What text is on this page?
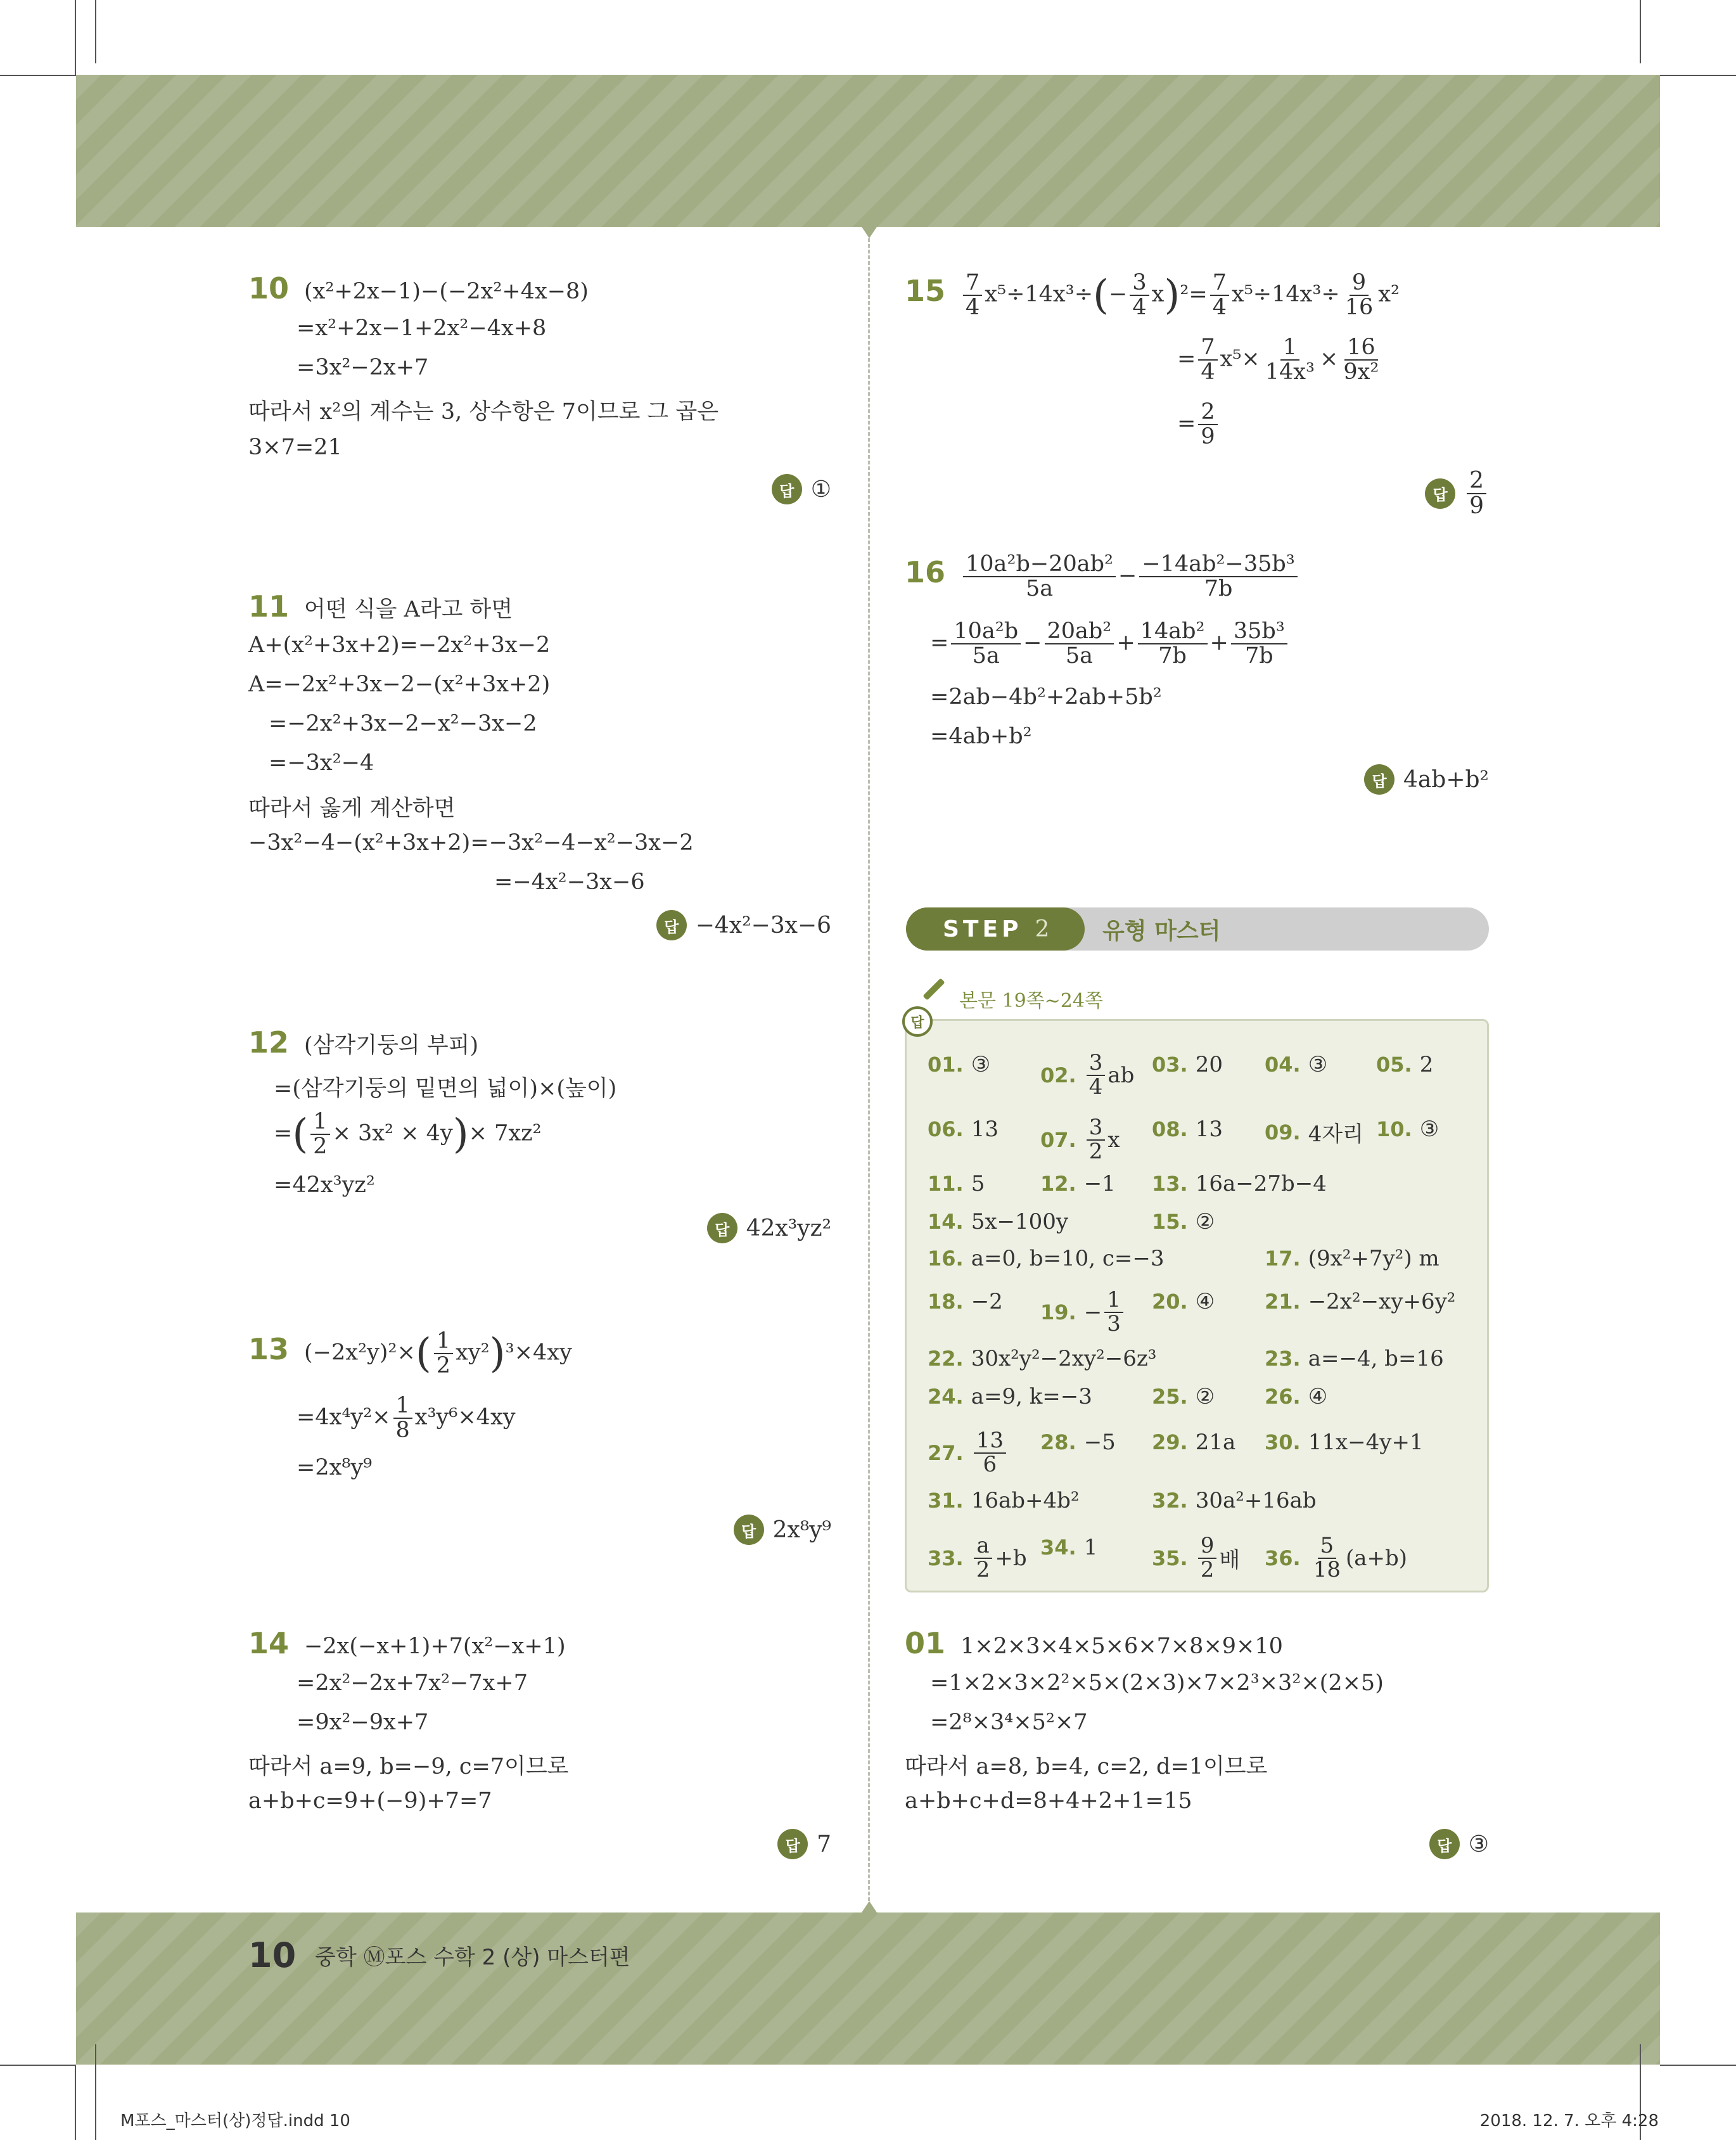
10 (x²+2x−1)−(−2x²+4x−8)
=x²+2x−1+2x²−4x+8
=3x²−2x+7
따라서 x²의 계수는 3, 상수항은 7이므로 그 곱은
3×7=21
답 ①
11 어떤 식을 A라고 하면
A+(x²+3x+2)=−2x²+3x−2
A=−2x²+3x−2−(x²+3x+2)
=−2x²+3x−2−x²−3x−2
=−3x²−4
따라서 옳게 계산하면
−3x²−4−(x²+3x+2)=−3x²−4−x²−3x−2
=−4x²−3x−6
답 −4x²−3x−6
12 (삼각기둥의 부피)
=(삼각기둥의 밑면의 넓이)×(높이)
=( $\frac{1}{2} \times 3x^2 \times 4y)\times 7xz^2$
=42x³yz²
답 42x³yz²
13 $(-2x^2y)^2\times( \frac{1}{2} xy^2)^3\times 4xy$
$=4x^4y^2\times \frac{1}{8} x^3y^6\times 4xy$
=2x⁸y⁹
답 2x⁸y⁹
14 −2x(−x+1)+7(x²−x+1)
=2x²−2x+7x²−7x+7
=9x²−9x+7
따라서 a=9, b=−9, c=7이므로
a+b+c=9+(−9)+7=7
답 7
$15 \frac{7}{4} x^5\div 14x^3\div(- \frac{3}{4} x)^2= \frac{7}{4} x^5\div 14x^3\div \frac{9}{16} x^2$
= $\frac{7}{4} x^5\times \frac{1}{\text{14x³}} \times \frac{16}{\text{9x²}}$
= $\frac{2}{9}$
답 $\frac{2}{9}$
$16 \frac{\text{10a²b−20ab²}}{5a} - \frac{\text{−14ab²−35b³}}{7b}$
= $\frac{\text{10a²b}}{5a} - \frac{\text{20ab²}}{5a} + \frac{\text{14ab²}}{7b} + \frac{\text{35b³}}{7b}$
=2ab−4b²+2ab+5b²
=4ab+b²
답 4ab+b²
STEP 2 유형 마스터
본문 19쪽~24쪽
답
01. ③ 02. $\frac{3}{4}$ ab 03. 20 04. ③ 05. 2
06. 13 07. $\frac{3}{2}$ x 08. 13 09. 4자리 10. ③
11. 5	12. −1 13. 16a−27b−4
14. 5x−100y	15. ②
16. a=0, b=10, c=−3	17. (9x²+7y²) m
18. −2 19. − $\frac{1}{3} 20$. ④ 21. −2x²−xy+6y²
22. 30x²y²−2xy²−6z³	23. a=−4, b=16
24. a=9, k=−3	25. ② 26. ④
27. $\frac{13}{6} 28$. −5 29. 21a 30. 11x−4y+1
31. 16ab+4b²	32. 30a²+16ab
33. $\frac{a}{2} +b$ 34. 1	35. $\frac{9}{2}$ 배 36. $\frac{5}{18} (a+b)$
01 1×2×3×4×5×6×7×8×9×10
=1×2×3×2²×5×(2×3)×7×2³×3²×(2×5)
=2⁸×3⁴×5²×7
따라서 a=8, b=4, c=2, d=1이므로
a+b+c+d=8+4+2+1=15
답 ③
10 중학 Ⓜ포스 수학 2 (상) 마스터편
M포스_마스터(상)정답.indd 10	2018. 12. 7. 오후 4:28
